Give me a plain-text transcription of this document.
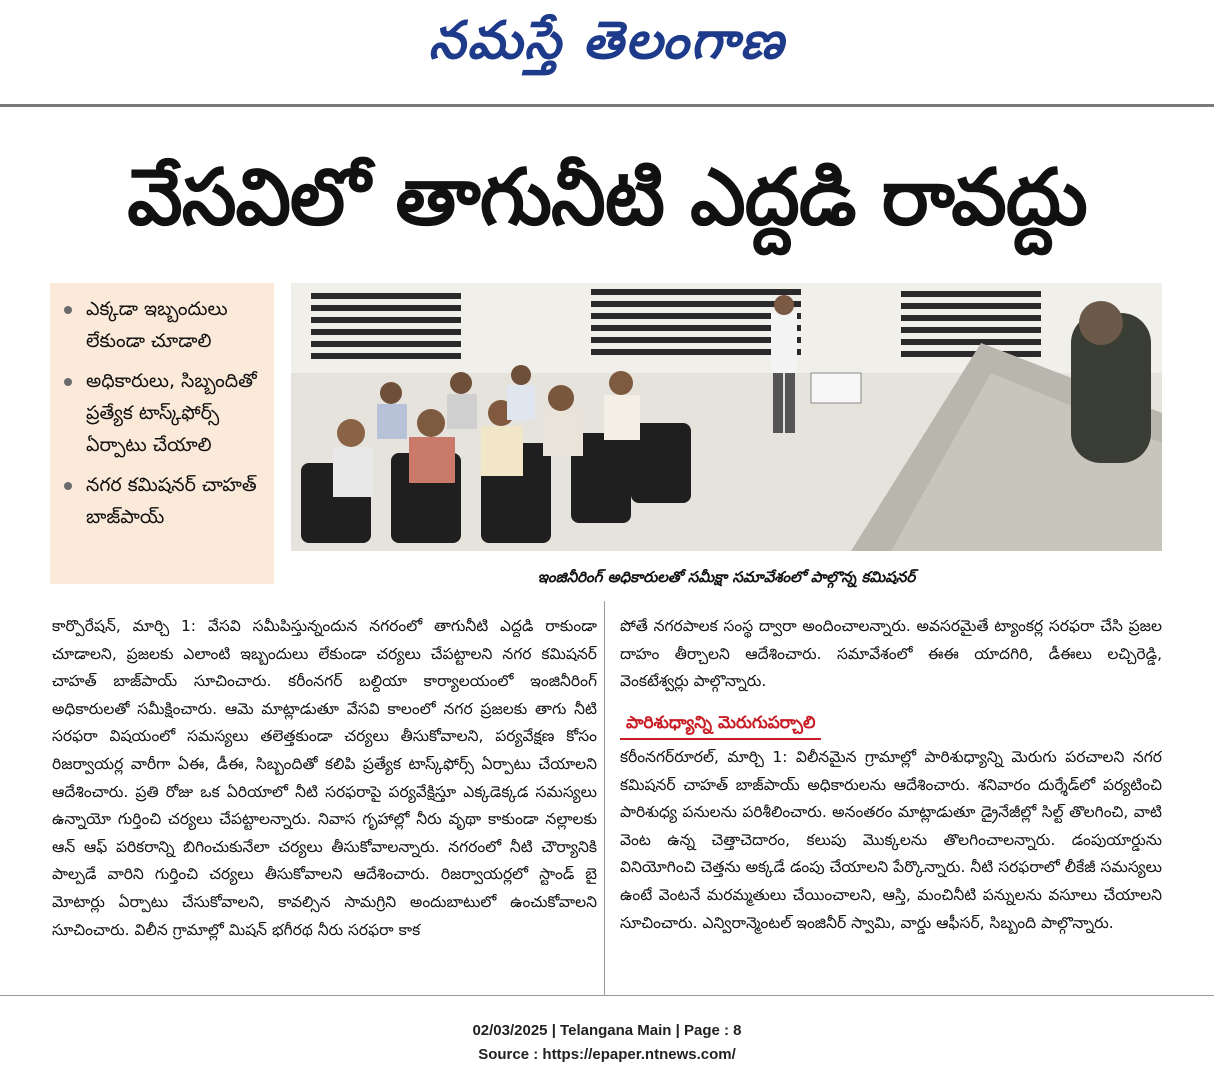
నమస్తే తెలంగాణ
వేసవిలో తాగునీటి ఎద్దడి రావద్దు
ఎక్కడా ఇబ్బందులు లేకుండా చూడాలి
అధికారులు, సిబ్బందితో ప్రత్యేక టాస్క్‌ఫోర్స్ ఏర్పాటు చేయాలి
నగర కమిషనర్ చాహత్ బాజ్‌పాయ్
ఇంజినీరింగ్ అధికారులతో సమీక్షా సమావేశంలో పాల్గొన్న కమిషనర్
కార్పొరేషన్, మార్చి 1: వేసవి సమీపిస్తున్నందున నగరంలో తాగునీటి ఎద్దడి రాకుండా చూడాలని, ప్రజలకు ఎలాంటి ఇబ్బందులు లేకుండా చర్యలు చేపట్టాలని నగర కమిషనర్ చాహత్ బాజ్‌పాయ్ సూచించారు. కరీంనగర్ బల్దియా కార్యాలయంలో ఇంజినీరింగ్ అధికారులతో సమీక్షించారు. ఆమె మాట్లాడుతూ వేసవి కాలంలో నగర ప్రజలకు తాగు నీటి సరఫరా విషయంలో సమస్యలు తలెత్తకుండా చర్యలు తీసుకోవాలని, పర్యవేక్షణ కోసం రిజర్వాయర్ల వారీగా ఏఈ, డీఈ, సిబ్బందితో కలిపి ప్రత్యేక టాస్క్‌ఫోర్స్ ఏర్పాటు చేయాలని ఆదేశించారు. ప్రతి రోజు ఒక ఏరియాలో నీటి సరఫరాపై పర్యవేక్షిస్తూ ఎక్కడెక్కడ సమస్యలు ఉన్నాయో గుర్తించి చర్యలు చేపట్టాలన్నారు. నివాస గృహాల్లో నీరు వృథా కాకుండా నల్లాలకు ఆన్ ఆఫ్ పరికరాన్ని బిగించుకునేలా చర్యలు తీసుకోవాలన్నారు. నగరంలో నీటి చౌర్యానికి పాల్పడే వారిని గుర్తించి చర్యలు తీసుకోవాలని ఆదేశించారు. రిజర్వాయర్లలో స్టాండ్ బై మోటార్లు ఏర్పాటు చేసుకోవాలని, కావల్సిన సామగ్రిని అందుబాటులో ఉంచుకోవాలని సూచించారు. విలీన గ్రామాల్లో మిషన్ భగీరథ నీరు సరఫరా కాక
పోతే నగరపాలక సంస్థ ద్వారా అందించాలన్నారు. అవసరమైతే ట్యాంకర్ల సరఫరా చేసి ప్రజల దాహం తీర్చాలని ఆదేశించారు. సమావేశంలో ఈఈ యాదగిరి, డీఈలు లచ్చిరెడ్డి, వెంకటేశ్వర్లు పాల్గొన్నారు.
పారిశుధ్యాన్ని మెరుగుపర్చాలి
కరీంనగర్‌రూరల్, మార్చి 1: విలీనమైన గ్రామాల్లో పారిశుధ్యాన్ని మెరుగు పరచాలని నగర కమిషనర్ చాహత్ బాజ్‌పాయ్ అధికారులను ఆదేశించారు. శనివారం దుర్శేడ్‌లో పర్యటించి పారిశుధ్య పనులను పరిశీలించారు. అనంతరం మాట్లాడుతూ డ్రైనేజీల్లో సిల్ట్ తొలగించి, వాటి వెంట ఉన్న చెత్తాచెదారం, కలుపు మొక్కలను తొలగించాలన్నారు. డంపుయార్డును వినియోగించి చెత్తను అక్కడే డంపు చేయాలని పేర్కొన్నారు. నీటి సరఫరాలో లీకేజీ సమస్యలు ఉంటే వెంటనే మరమ్మతులు చేయించాలని, ఆస్తి, మంచినీటి పన్నులను వసూలు చేయాలని సూచించారు. ఎన్విరాన్మెంటల్ ఇంజినీర్ స్వామి, వార్డు ఆఫీసర్, సిబ్బంది పాల్గొన్నారు.
02/03/2025 | Telangana Main | Page : 8
Source : https://epaper.ntnews.com/
